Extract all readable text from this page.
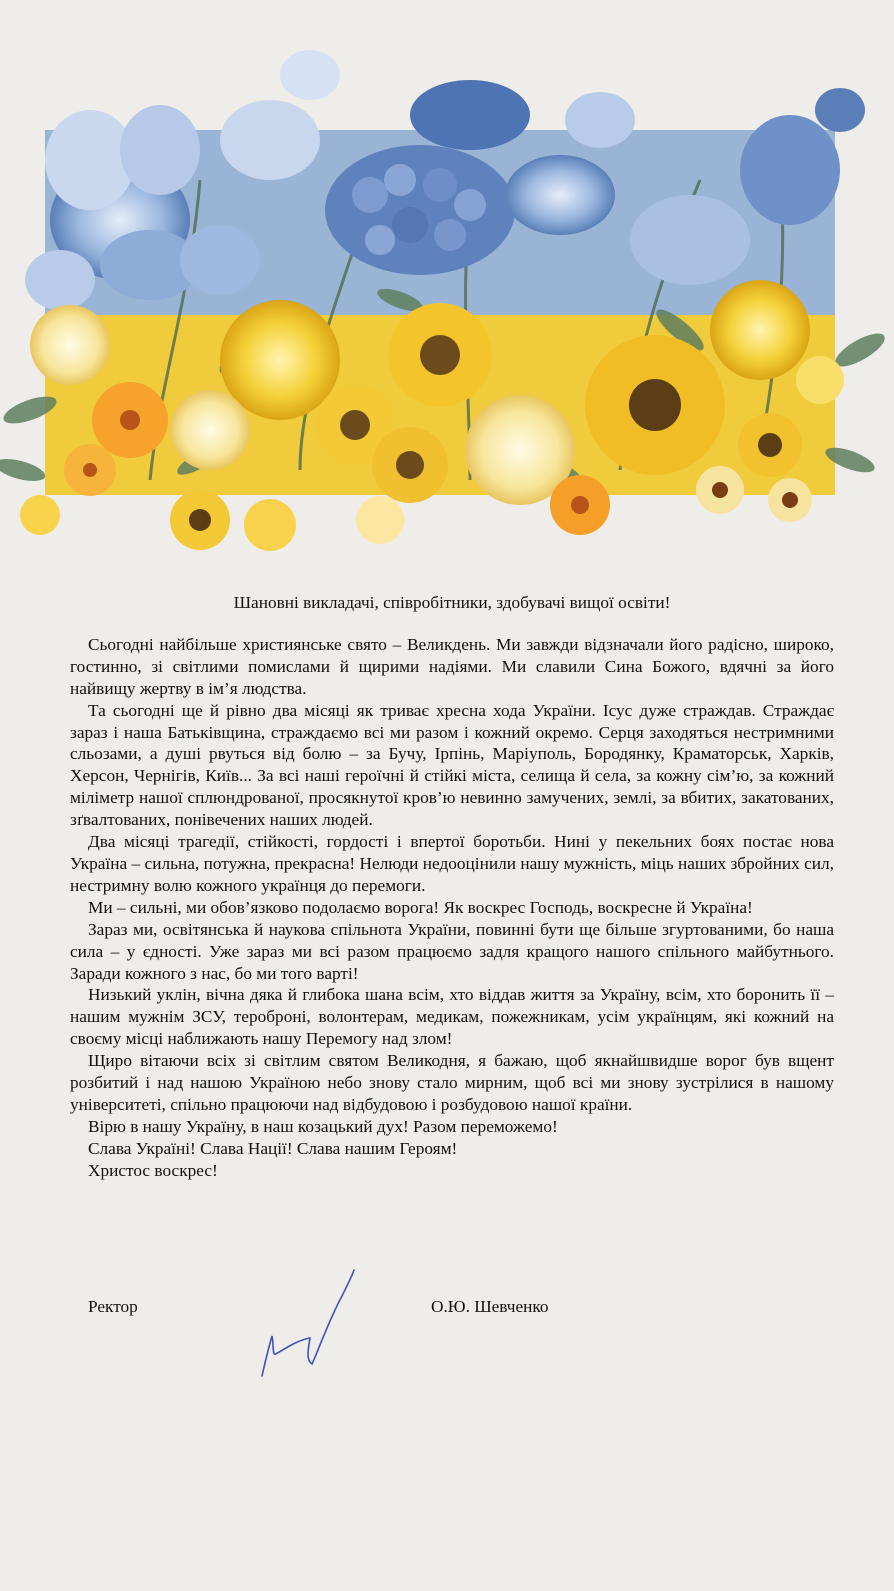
Шановні викладачі, співробітники, здобувачі вищої освіти!

Сьогодні найбільше християнське свято – Великдень. Ми завжди відзначали його радісно, широко, гостинно, зі світлими помислами й щирими надіями. Ми славили Сина Божого, вдячні за його найвищу жертву в ім’я людства.

Та сьогодні ще й рівно два місяці як триває хресна хода України. Ісус дуже страждав. Страждає зараз і наша Батьківщина, страждаємо всі ми разом і кожний окремо. Серця заходяться нестримними сльозами, а душі рвуться від болю – за Бучу, Ірпінь, Маріуполь, Бородянку, Краматорськ, Харків, Херсон, Чернігів, Київ... За всі наші героїчні й стійкі міста, селища й села, за кожну сім’ю, за кожний міліметр нашої сплюндрованої, просякнутої кров’ю невинно замучених, землі, за вбитих, закатованих, зґвалтованих, понівечених наших людей.

Два місяці трагедії, стійкості, гордості і впертої боротьби. Нині у пекельних боях постає нова Україна – сильна, потужна, прекрасна! Нелюди недооцінили нашу мужність, міць наших збройних сил, нестримну волю кожного українця до перемоги.

Ми – сильні, ми обов’язково подолаємо ворога! Як воскрес Господь, воскресне й Україна!

Зараз ми, освітянська й наукова спільнота України, повинні бути ще більше згуртованими, бо наша сила – у єдності. Уже зараз ми всі разом працюємо задля кращого нашого спільного майбутнього. Заради кожного з нас, бо ми того варті!

Низький уклін, вічна дяка й глибока шана всім, хто віддав життя за Україну, всім, хто боронить її – нашим мужнім ЗСУ, тероброні, волонтерам, медикам, пожежникам, усім українцям, які кожний на своєму місці наближають нашу Перемогу над злом!

Щиро вітаючи всіх зі світлим святом Великодня, я бажаю, щоб якнайшвидше ворог був вщент розбитий і над нашою Україною небо знову стало мирним, щоб всі ми знову зустрілися в нашому університеті, спільно працюючи над відбудовою і розбудовою нашої країни.

Вірю в нашу Україну, в наш козацький дух! Разом переможемо!

Слава Україні! Слава Нації! Слава нашим Героям!

Христос воскрес!

Ректор	О.Ю. Шевченко
